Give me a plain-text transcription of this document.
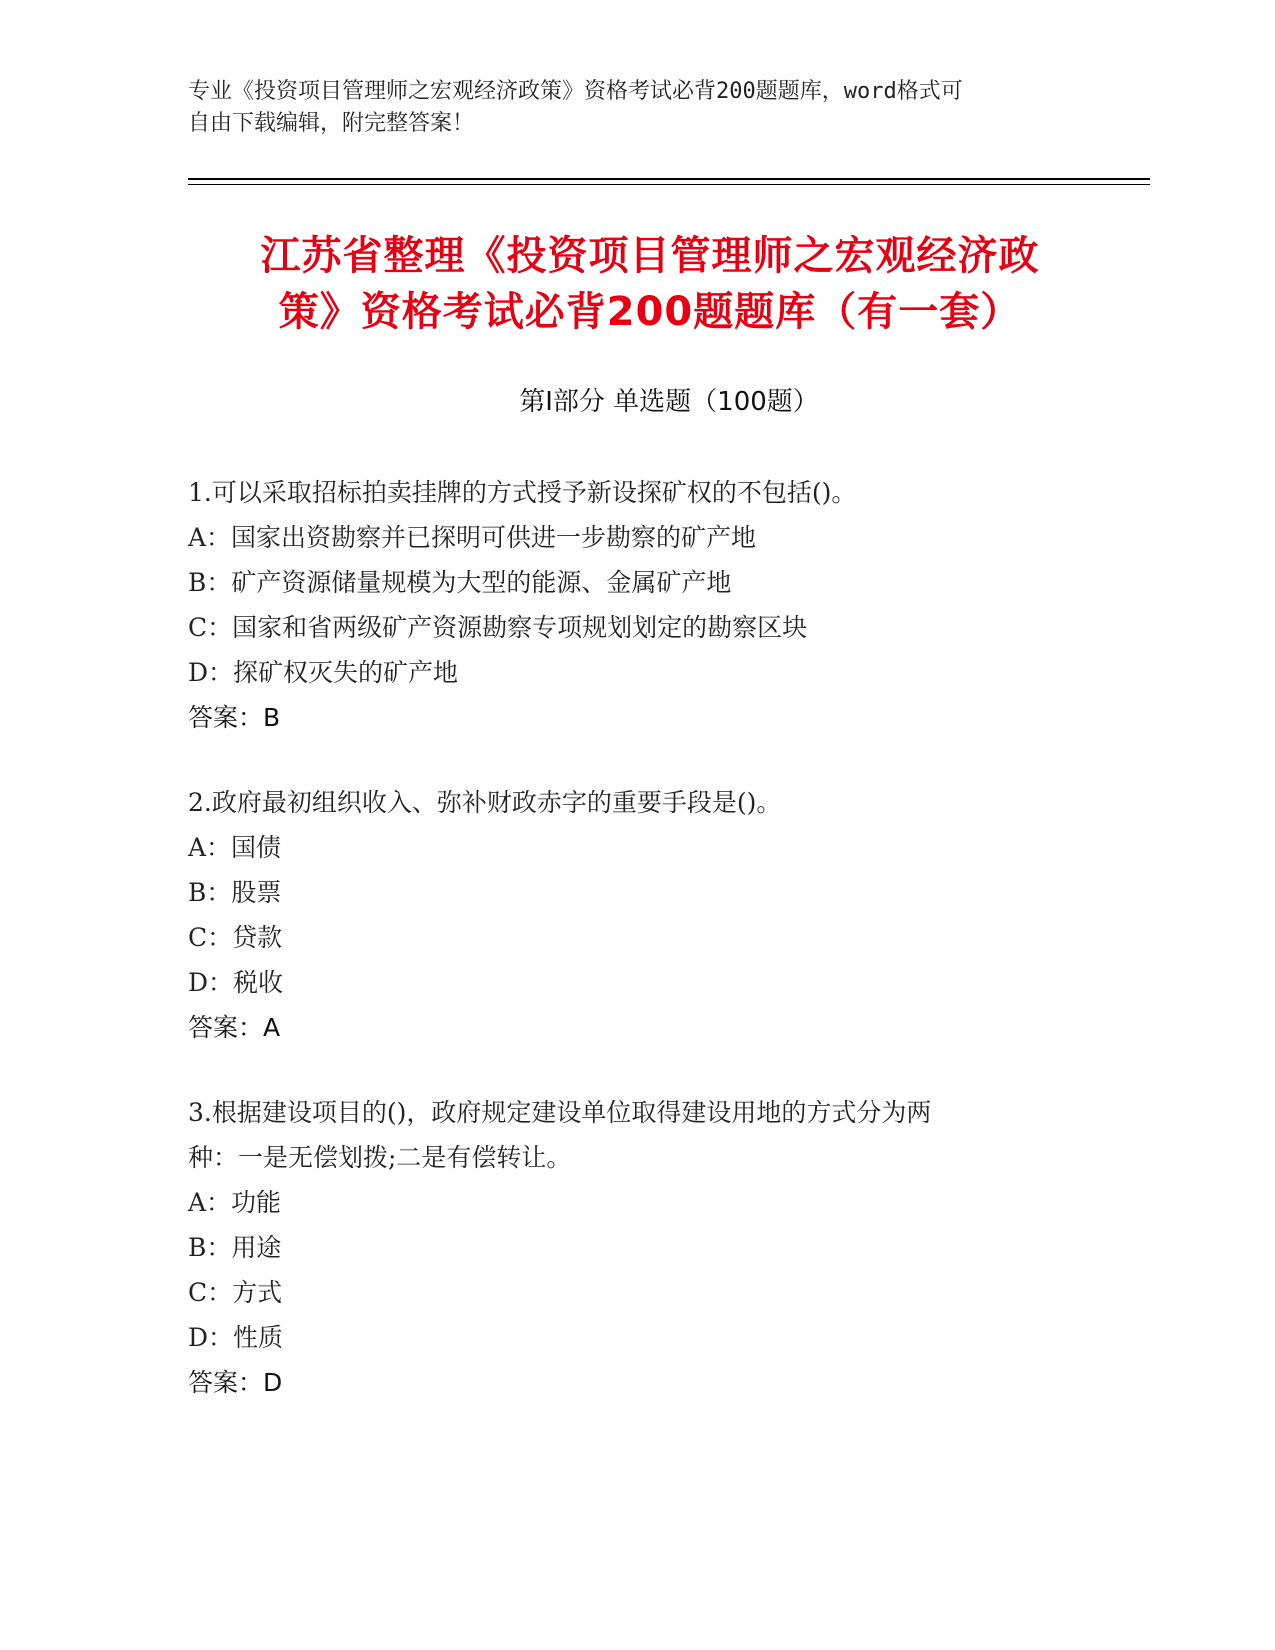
专业《投资项目管理师之宏观经济政策》资格考试必背200题题库，word格式可
自由下载编辑，附完整答案！
江苏省整理《投资项目管理师之宏观经济政
策》资格考试必背200题题库（有一套）
第Ⅰ部分 单选题（100题）
1.可以采取招标拍卖挂牌的方式授予新设探矿权的不包括()。
A：国家出资勘察并已探明可供进一步勘察的矿产地
B：矿产资源储量规模为大型的能源、金属矿产地
C：国家和省两级矿产资源勘察专项规划划定的勘察区块
D：探矿权灭失的矿产地
答案：B
2.政府最初组织收入、弥补财政赤字的重要手段是()。
A：国债
B：股票
C：贷款
D：税收
答案：A
3.根据建设项目的()，政府规定建设单位取得建设用地的方式分为两
种：一是无偿划拨;二是有偿转让。
A：功能
B：用途
C：方式
D：性质
答案：D
